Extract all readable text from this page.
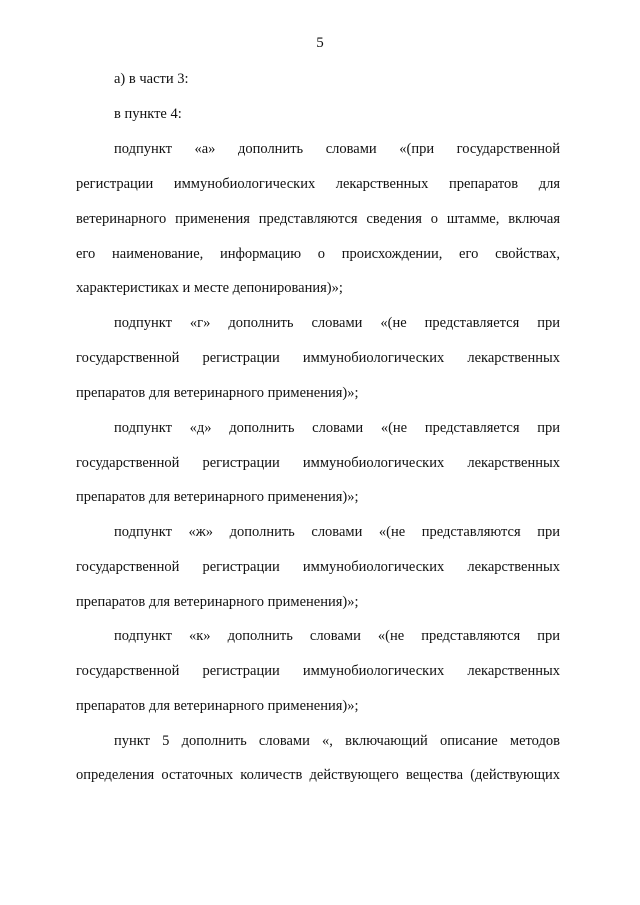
5
а) в части 3:
в пункте 4:
подпункт «а» дополнить словами «(при государственной
регистрации иммунобиологических лекарственных препаратов для
ветеринарного применения представляются сведения о штамме, включая
его наименование, информацию о происхождении, его свойствах,
характеристиках и месте депонирования)»;
подпункт «г» дополнить словами «(не представляется при
государственной регистрации иммунобиологических лекарственных
препаратов для ветеринарного применения)»;
подпункт «д» дополнить словами «(не представляется при
государственной регистрации иммунобиологических лекарственных
препаратов для ветеринарного применения)»;
подпункт «ж» дополнить словами «(не представляются при
государственной регистрации иммунобиологических лекарственных
препаратов для ветеринарного применения)»;
подпункт «к» дополнить словами «(не представляются при
государственной регистрации иммунобиологических лекарственных
препаратов для ветеринарного применения)»;
пункт 5 дополнить словами «, включающий описание методов
определения остаточных количеств действующего вещества (действующих
